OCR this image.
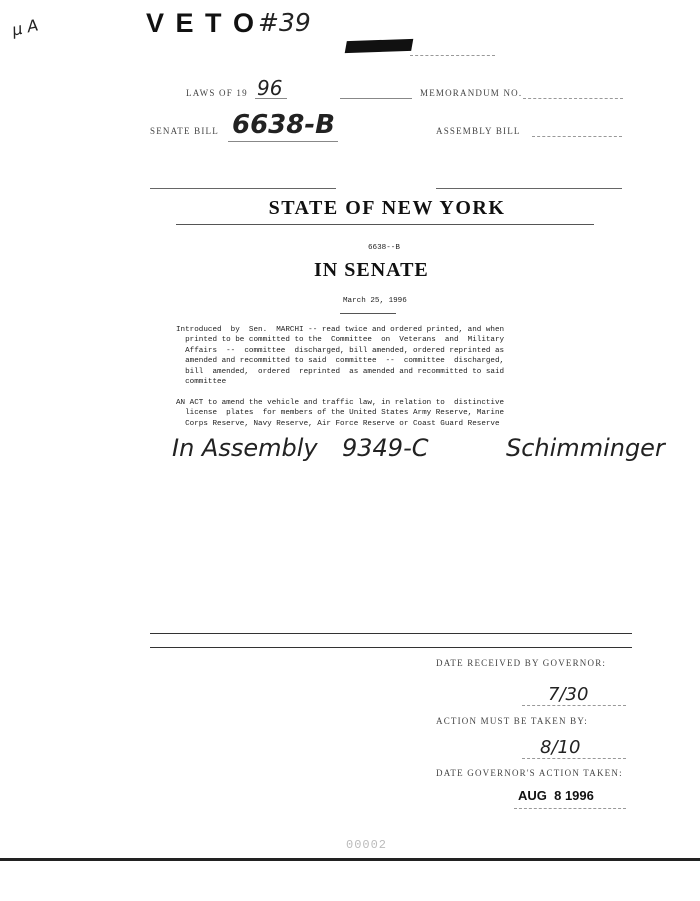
μ A	V E T O #39
LAWS OF 19 96	MEMORANDUM NO.
SENATE BILL 6638-B	ASSEMBLY BILL
STATE OF NEW YORK
6638--B
IN SENATE
March 25, 1996
Introduced  by  Sen.  MARCHI -- read twice and ordered printed, and when
printed to be committed to the  Committee  on  Veterans  and  Military
Affairs  --  committee  discharged, bill amended, ordered reprinted as
amended and recommitted to said  committee  --  committee  discharged,
bill  amended,  ordered  reprinted  as amended and recommitted to said
committee
AN ACT to amend the vehicle and traffic law, in relation to  distinctive
license  plates  for members of the United States Army Reserve, Marine
Corps Reserve, Navy Reserve, Air Force Reserve or Coast Guard Reserve
In Assembly 9349-C	Schimminger
DATE RECEIVED BY GOVERNOR:
7/30
ACTION MUST BE TAKEN BY:
8/10
DATE GOVERNOR'S ACTION TAKEN:
AUG  8 1996
00002
